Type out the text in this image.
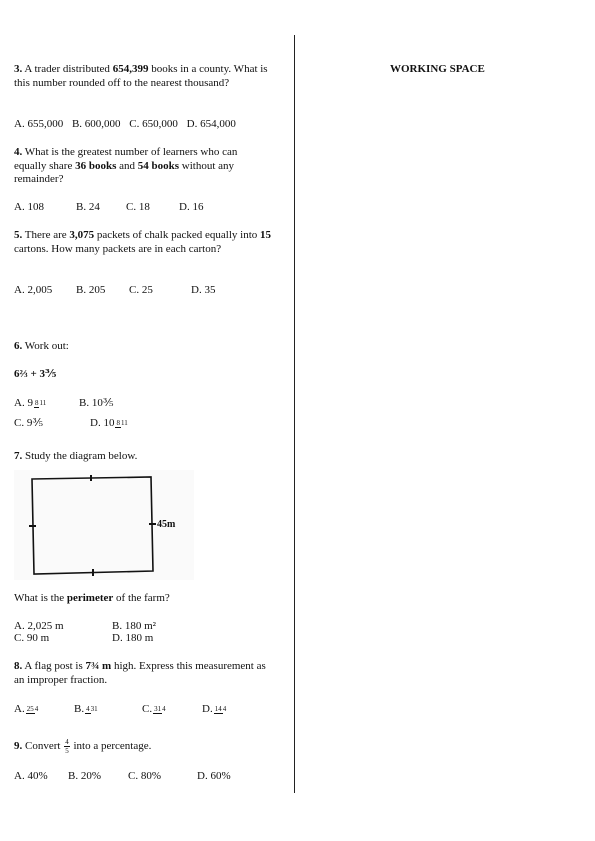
WORKING SPACE
3. A trader distributed 654,399 books in a county. What is this number rounded off to the nearest thousand?
A. 655,000 B. 600,000 C. 650,000 D. 654,000
4. What is the greatest number of learners who can equally share 36 books and 54 books without any remainder?
A. 108	B. 24 C. 18	D. 16
5. There are 3,075 packets of chalk packed equally into 15 cartons. How many packets are in each carton?
A. 2,005 B. 205 C. 25	D. 35
6. Work out:
6⅔ + 3⅗
A. 9 811	B. 10⅗
C. 9⅗	D. 10 811
7. Study the diagram below.
45m
What is the perimeter of the farm?
A. 2,025 m	B. 180 m²
C. 90 m	D. 180 m
8. A flag post is 7¾ m high. Express this measurement as an improper fraction.
A. 254	B. 431	C. 314	D. 144
9. Convert $\frac{4}{5}$ into a percentage.
A. 40% B. 20% C. 80%	D. 60%
